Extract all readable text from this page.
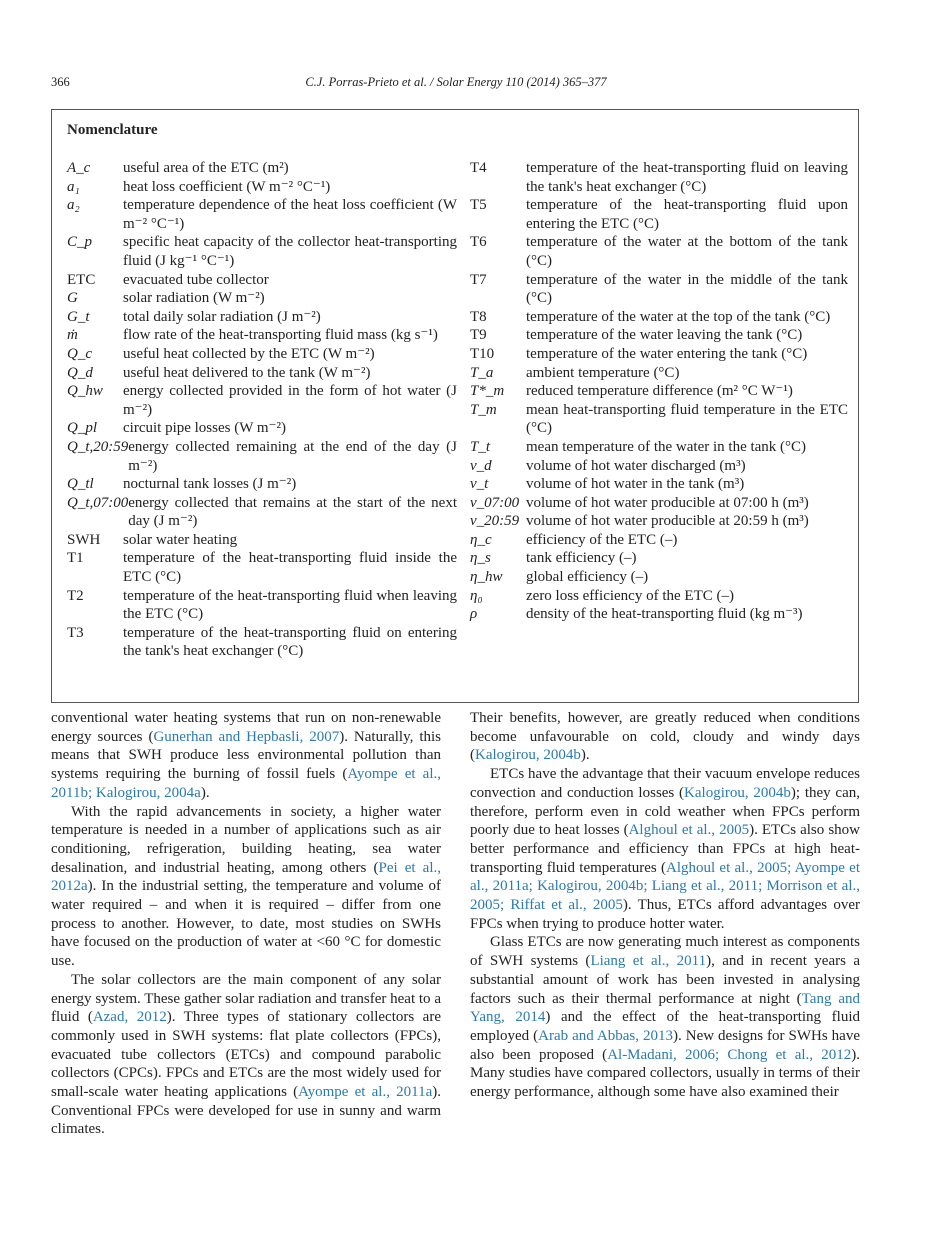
366	C.J. Porras-Prieto et al. / Solar Energy 110 (2014) 365–377
Nomenclature
A_c	useful area of the ETC (m²)
a₁	heat loss coefficient (W m⁻² °C⁻¹)
a₂	temperature dependence of the heat loss coefficient (W m⁻² °C⁻¹)
C_p	specific heat capacity of the collector heat-transporting fluid (J kg⁻¹ °C⁻¹)
ETC	evacuated tube collector
G	solar radiation (W m⁻²)
G_t	total daily solar radiation (J m⁻²)
ṁ	flow rate of the heat-transporting fluid mass (kg s⁻¹)
Q_c	useful heat collected by the ETC (W m⁻²)
Q_d	useful heat delivered to the tank (W m⁻²)
Q_hw	energy collected provided in the form of hot water (J m⁻²)
Q_pl	circuit pipe losses (W m⁻²)
Q_t,20:59 energy collected remaining at the end of the day (J m⁻²)
Q_tl	nocturnal tank losses (J m⁻²)
Q_t,07:00 energy collected that remains at the start of the next day (J m⁻²)
SWH	solar water heating
T1	temperature of the heat-transporting fluid inside the ETC (°C)
T2	temperature of the heat-transporting fluid when leaving the ETC (°C)
T3	temperature of the heat-transporting fluid on entering the tank's heat exchanger (°C)
T4	temperature of the heat-transporting fluid on leaving the tank's heat exchanger (°C)
T5	temperature of the heat-transporting fluid upon entering the ETC (°C)
T6	temperature of the water at the bottom of the tank (°C)
T7	temperature of the water in the middle of the tank (°C)
T8	temperature of the water at the top of the tank (°C)
T9	temperature of the water leaving the tank (°C)
T10	temperature of the water entering the tank (°C)
T_a	ambient temperature (°C)
T*_m	reduced temperature difference (m² °C W⁻¹)
T_m	mean heat-transporting fluid temperature in the ETC (°C)
T_t	mean temperature of the water in the tank (°C)
v_d	volume of hot water discharged (m³)
v_t	volume of hot water in the tank (m³)
v_07:00 volume of hot water producible at 07:00 h (m³)
v_20:59 volume of hot water producible at 20:59 h (m³)
η_c	efficiency of the ETC (–)
η_s	tank efficiency (–)
η_hw	global efficiency (–)
η₀	zero loss efficiency of the ETC (–)
ρ	density of the heat-transporting fluid (kg m⁻³)

conventional water heating systems that run on non-renewable energy sources (Gunerhan and Hepbasli, 2007). Naturally, this means that SWH produce less environmental pollution than systems requiring the burning of fossil fuels (Ayompe et al., 2011b; Kalogirou, 2004a).

With the rapid advancements in society, a higher water temperature is needed in a number of applications such as air conditioning, refrigeration, building heating, sea water desalination, and industrial heating, among others (Pei et al., 2012a). In the industrial setting, the temperature and volume of water required – and when it is required – differ from one process to another. However, to date, most studies on SWHs have focused on the production of water at <60 °C for domestic use.

The solar collectors are the main component of any solar energy system. These gather solar radiation and transfer heat to a fluid (Azad, 2012). Three types of stationary collectors are commonly used in SWH systems: flat plate collectors (FPCs), evacuated tube collectors (ETCs) and compound parabolic collectors (CPCs). FPCs and ETCs are the most widely used for small-scale water heating applications (Ayompe et al., 2011a). Conventional FPCs were developed for use in sunny and warm climates.

Their benefits, however, are greatly reduced when conditions become unfavourable on cold, cloudy and windy days (Kalogirou, 2004b).

ETCs have the advantage that their vacuum envelope reduces convection and conduction losses (Kalogirou, 2004b); they can, therefore, perform even in cold weather when FPCs perform poorly due to heat losses (Alghoul et al., 2005). ETCs also show better performance and efficiency than FPCs at high heat-transporting fluid temperatures (Alghoul et al., 2005; Ayompe et al., 2011a; Kalogirou, 2004b; Liang et al., 2011; Morrison et al., 2005; Riffat et al., 2005). Thus, ETCs afford advantages over FPCs when trying to produce hotter water.

Glass ETCs are now generating much interest as components of SWH systems (Liang et al., 2011), and in recent years a substantial amount of work has been invested in analysing factors such as their thermal performance at night (Tang and Yang, 2014) and the effect of the heat-transporting fluid employed (Arab and Abbas, 2013). New designs for SWHs have also been proposed (Al-Madani, 2006; Chong et al., 2012). Many studies have compared collectors, usually in terms of their energy performance, although some have also examined their
